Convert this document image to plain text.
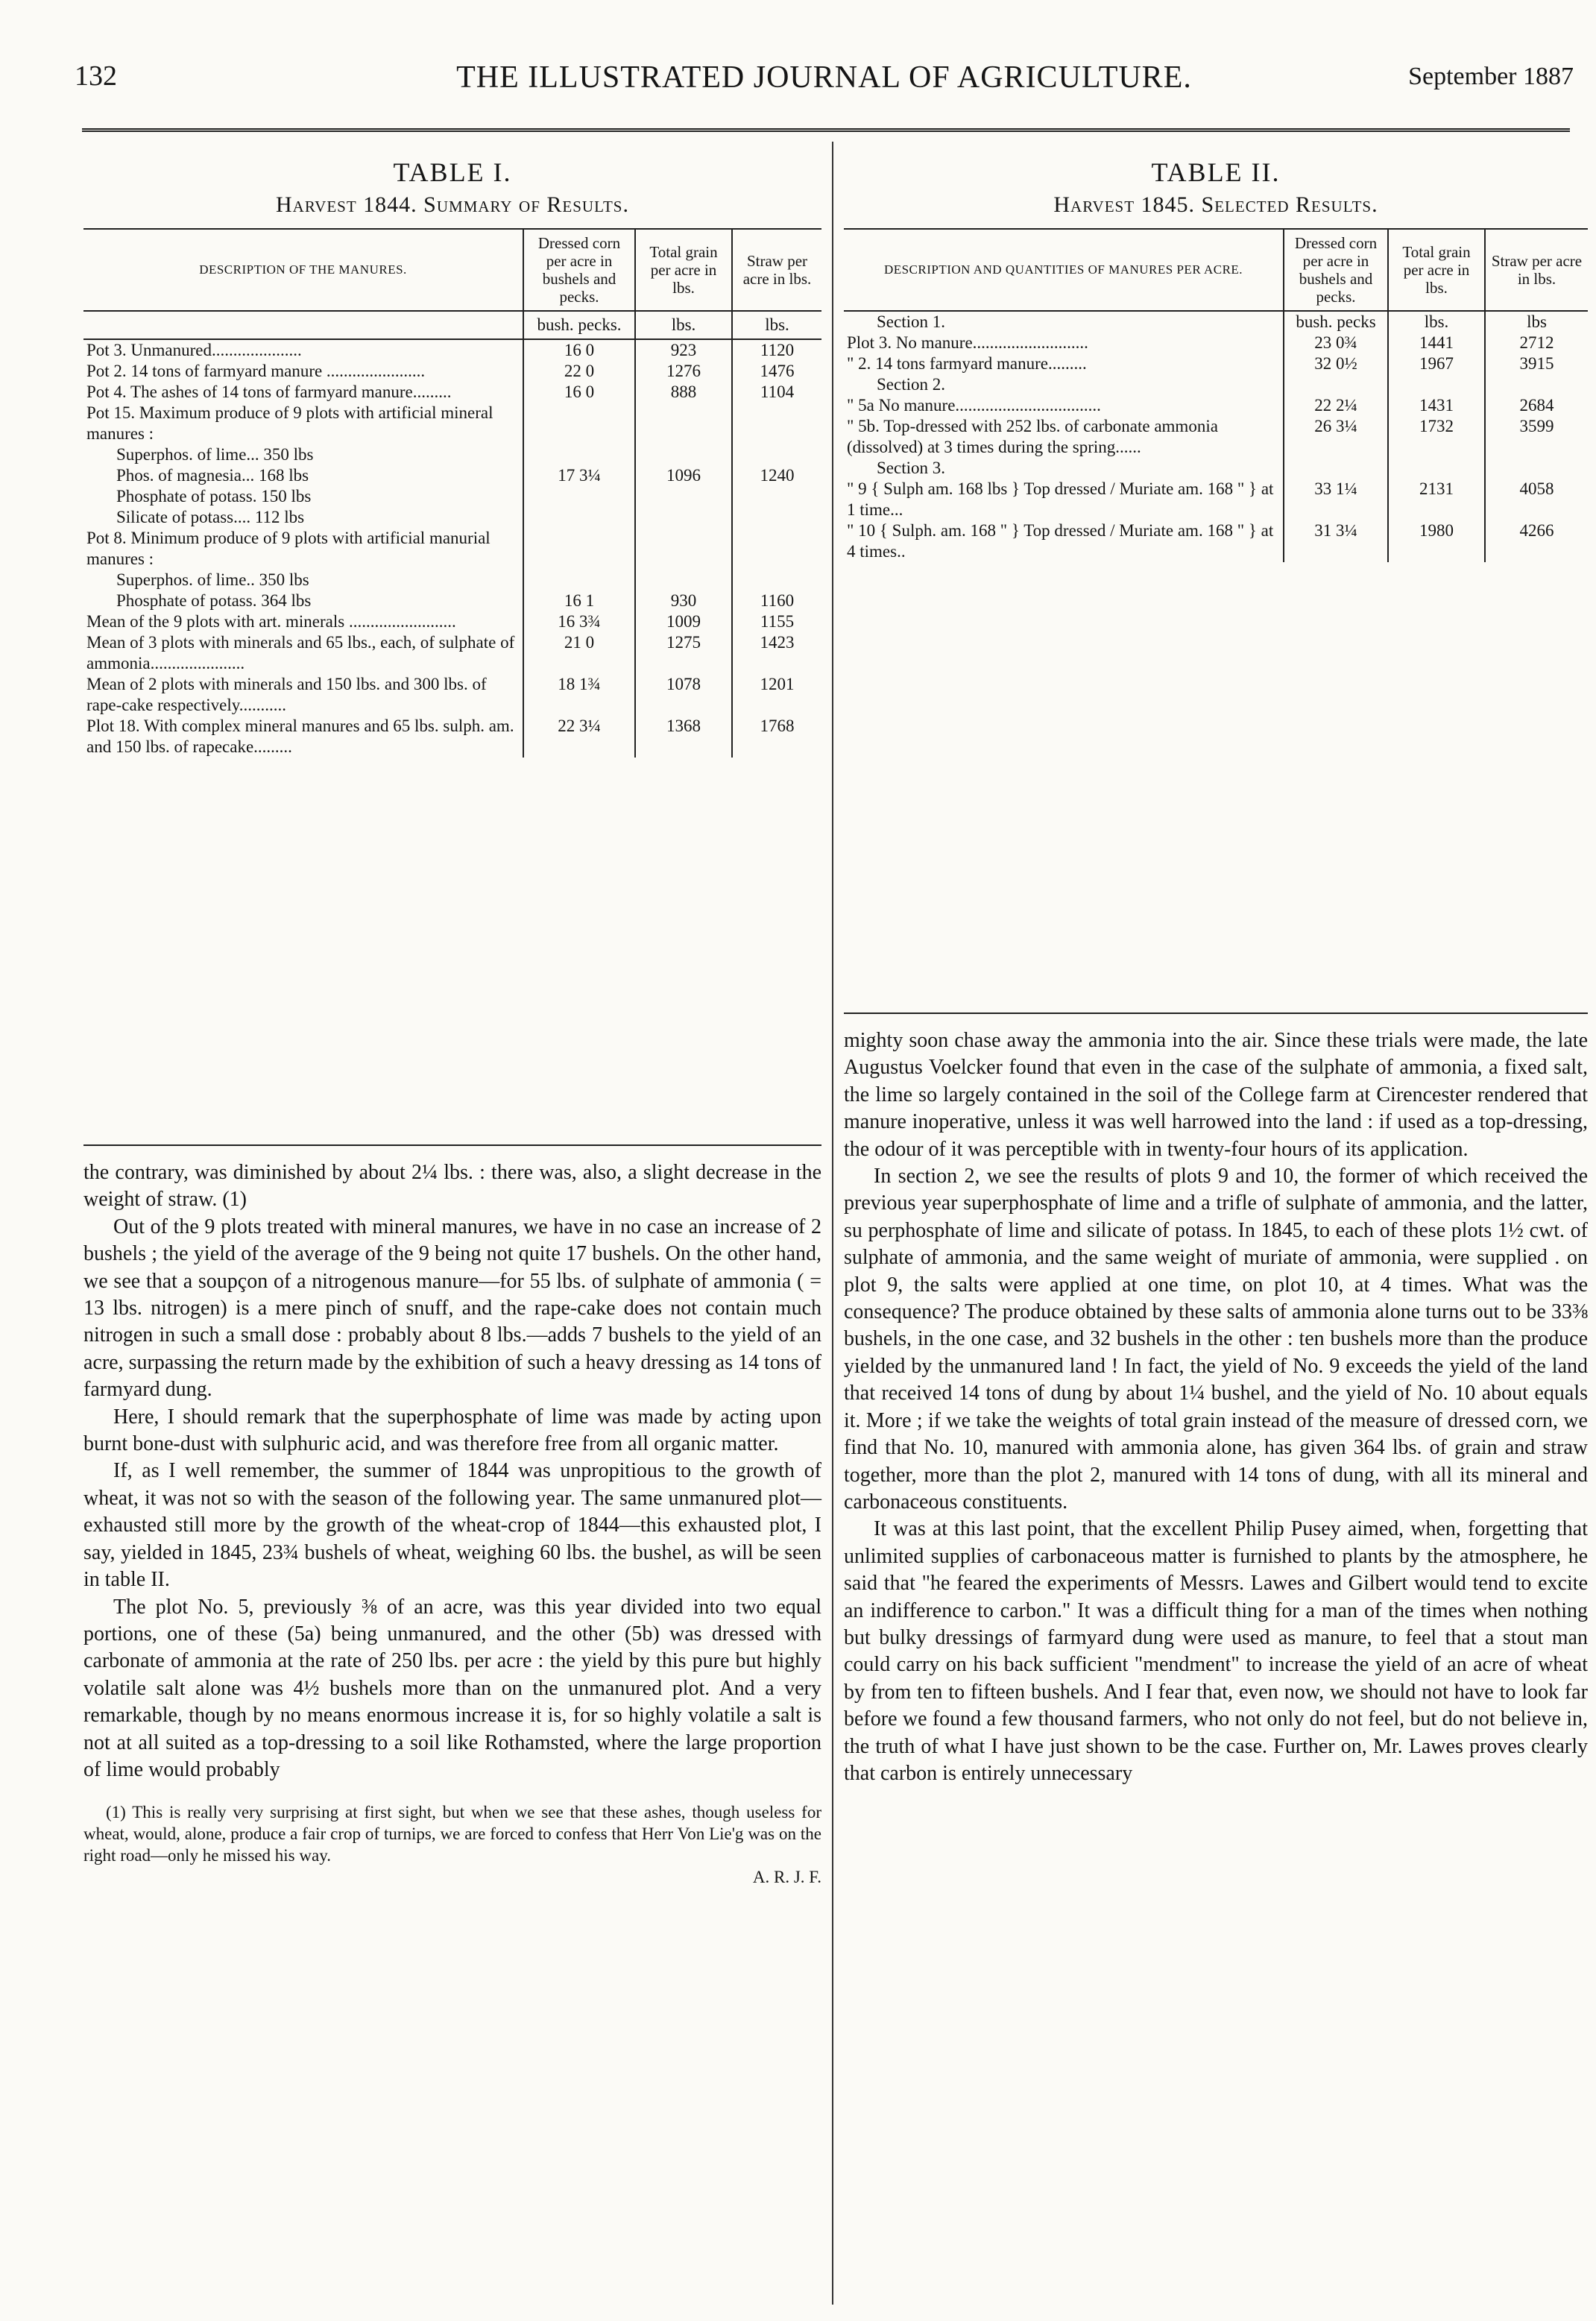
132	THE ILLUSTRATED JOURNAL OF AGRICULTURE.	September 1887
TABLE I.
Harvest 1844. Summary of Results.
DESCRIPTION OF THE MANURES.	Dressed corn per acre in bushels and pecks.	Total grain per acre in lbs.	Straw per acre in lbs.
	bush. pecks.	lbs.	lbs.
Pot 3. Unmanured.....................	16 0	923	1120
Pot 2. 14 tons of farmyard manure .......................	22 0	1276	1476
Pot 4. The ashes of 14 tons of farmyard manure.........	16 0	888	1104
Pot 15. Maximum produce of 9 plots with artificial mineral manures :			
Superphos. of lime... 350 lbs			
Phos. of magnesia... 168 lbs	17 3¼	1096	1240
Phosphate of potass. 150 lbs			
Silicate of potass.... 112 lbs			
Pot 8. Minimum produce of 9 plots with artificial manurial manures :			
Superphos. of lime.. 350 lbs			
Phosphate of potass. 364 lbs	16 1	930	1160
Mean of the 9 plots with art. minerals .........................	16 3¾	1009	1155
Mean of 3 plots with minerals and 65 lbs., each, of sulphate of ammonia......................	21 0	1275	1423
Mean of 2 plots with minerals and 150 lbs. and 300 lbs. of rape-cake respectively...........	18 1¾	1078	1201
Plot 18. With complex mineral manures and 65 lbs. sulph. am. and 150 lbs. of rapecake.........	22 3¼	1368	1768

the contrary, was diminished by about 2¼ lbs. : there was, also, a slight decrease in the weight of straw. (1)

Out of the 9 plots treated with mineral manures, we have in no case an increase of 2 bushels ; the yield of the average of the 9 being not quite 17 bushels. On the other hand, we see that a soupçon of a nitrogenous manure—for 55 lbs. of sulphate of ammonia ( = 13 lbs. nitrogen) is a mere pinch of snuff, and the rape-cake does not contain much nitrogen in such a small dose : probably about 8 lbs.—adds 7 bushels to the yield of an acre, surpassing the return made by the exhibition of such a heavy dressing as 14 tons of farmyard dung.

Here, I should remark that the superphosphate of lime was made by acting upon burnt bone-dust with sulphuric acid, and was therefore free from all organic matter.

If, as I well remember, the summer of 1844 was unpropitious to the growth of wheat, it was not so with the season of the following year. The same unmanured plot—exhausted still more by the growth of the wheat-crop of 1844—this exhausted plot, I say, yielded in 1845, 23¾ bushels of wheat, weighing 60 lbs. the bushel, as will be seen in table II.

The plot No. 5, previously ⅜ of an acre, was this year divided into two equal portions, one of these (5a) being unmanured, and the other (5b) was dressed with carbonate of ammonia at the rate of 250 lbs. per acre : the yield by this pure but highly volatile salt alone was 4½ bushels more than on the unmanured plot. And a very remarkable, though by no means enormous increase it is, for so highly volatile a salt is not at all suited as a top-dressing to a soil like Rothamsted, where the large proportion of lime would probably

(1) This is really very surprising at first sight, but when we see that these ashes, though useless for wheat, would, alone, produce a fair crop of turnips, we are forced to confess that Herr Von Lie'g was on the right road—only he missed his way.
A. R. J. F.

TABLE II.
Harvest 1845. Selected Results.
DESCRIPTION AND QUANTITIES OF MANURES PER ACRE.	Dressed corn per acre in bushels and pecks.	Total grain per acre in lbs.	Straw per acre in lbs.
Section 1.	bush. pecks	lbs.	lbs
Plot 3. No manure...........................	23 0¾	1441	2712
" 2. 14 tons farmyard manure.........	32 0½	1967	3915
Section 2.			
" 5a No manure..................................	22 2¼	1431	2684
" 5b. Top-dressed with 252 lbs. of carbonate ammonia (dissolved) at 3 times during the spring......	26 3¼	1732	3599
Section 3.			
" 9 { Sulph am. 168 lbs } Top dressed / Muriate am. 168 " } at 1 time...	33 1¼	2131	4058
" 10 { Sulph. am. 168 " } Top dressed / Muriate am. 168 " } at 4 times..	31 3¼	1980	4266

mighty soon chase away the ammonia into the air. Since these trials were made, the late Augustus Voelcker found that even in the case of the sulphate of ammonia, a fixed salt, the lime so largely contained in the soil of the College farm at Cirencester rendered that manure inoperative, unless it was well harrowed into the land : if used as a top-dressing, the odour of it was perceptible with in twenty-four hours of its application.

In section 2, we see the results of plots 9 and 10, the former of which received the previous year superphosphate of lime and a trifle of sulphate of ammonia, and the latter, su perphosphate of lime and silicate of potass. In 1845, to each of these plots 1½ cwt. of sulphate of ammonia, and the same weight of muriate of ammonia, were supplied . on plot 9, the salts were applied at one time, on plot 10, at 4 times. What was the consequence? The produce obtained by these salts of ammonia alone turns out to be 33⅜ bushels, in the one case, and 32 bushels in the other : ten bushels more than the produce yielded by the unmanured land ! In fact, the yield of No. 9 exceeds the yield of the land that received 14 tons of dung by about 1¼ bushel, and the yield of No. 10 about equals it. More ; if we take the weights of total grain instead of the measure of dressed corn, we find that No. 10, manured with ammonia alone, has given 364 lbs. of grain and straw together, more than the plot 2, manured with 14 tons of dung, with all its mineral and carbonaceous constituents.

It was at this last point, that the excellent Philip Pusey aimed, when, forgetting that unlimited supplies of carbonaceous matter is furnished to plants by the atmosphere, he said that "he feared the experiments of Messrs. Lawes and Gilbert would tend to excite an indifference to carbon." It was a difficult thing for a man of the times when nothing but bulky dressings of farmyard dung were used as manure, to feel that a stout man could carry on his back sufficient "mendment" to increase the yield of an acre of wheat by from ten to fifteen bushels. And I fear that, even now, we should not have to look far before we found a few thousand farmers, who not only do not feel, but do not believe in, the truth of what I have just shown to be the case. Further on, Mr. Lawes proves clearly that carbon is entirely unnecessary
